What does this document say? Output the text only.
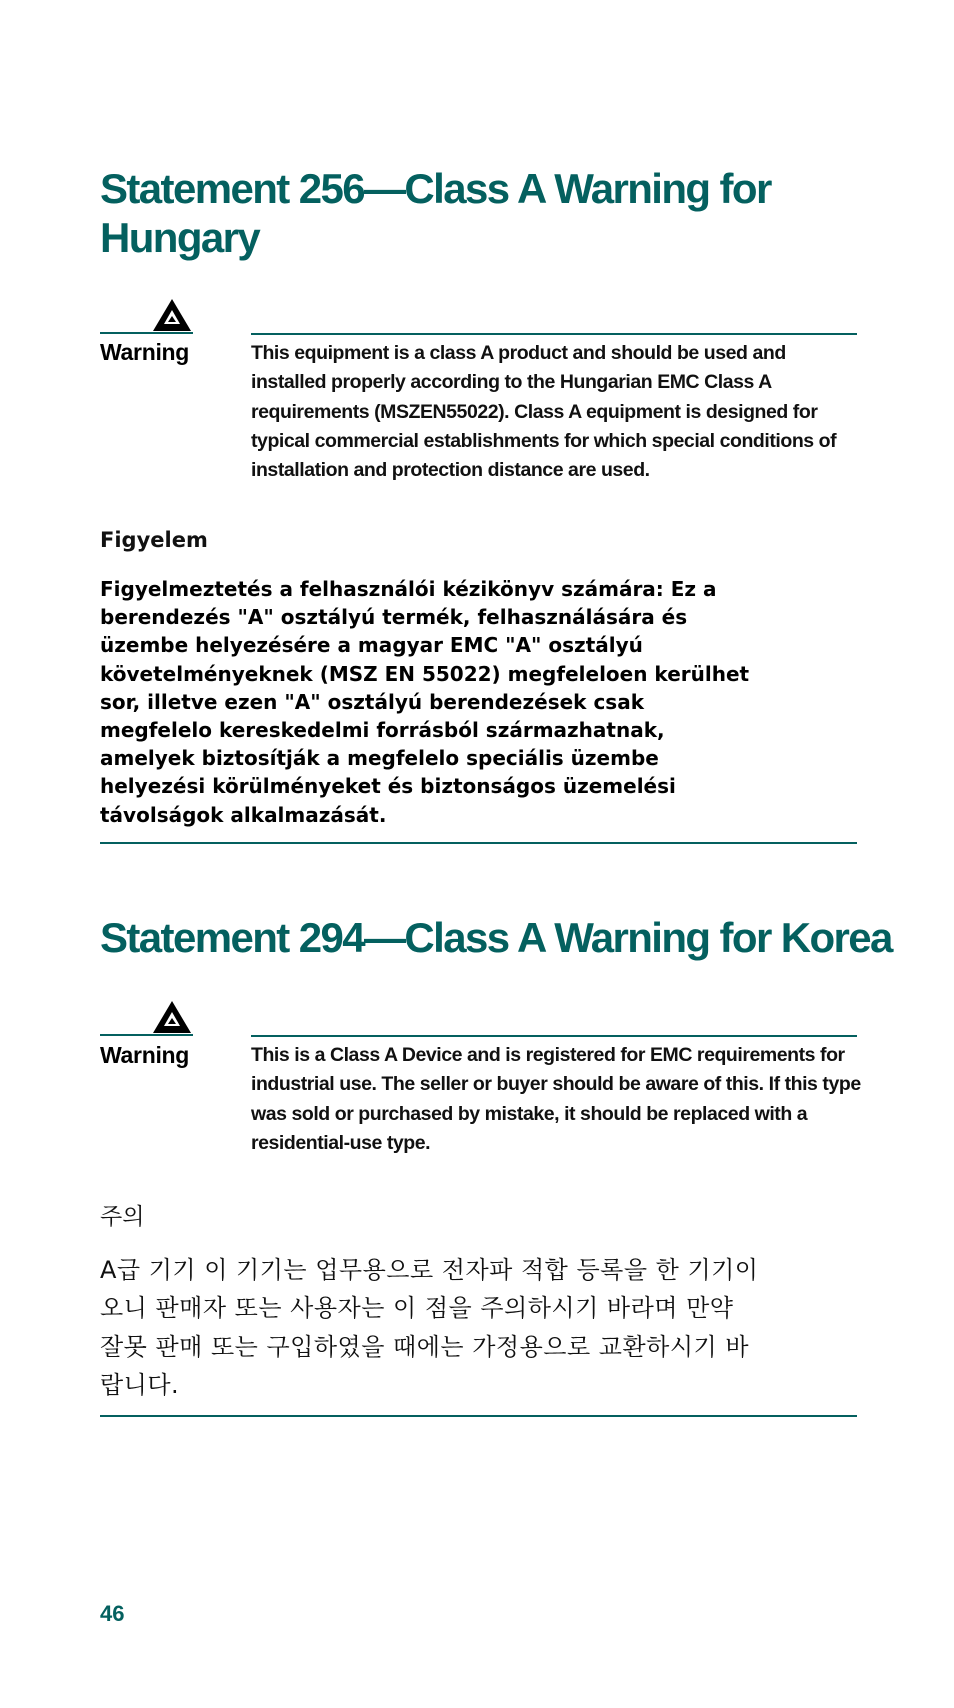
Statement 256—Class A Warning for Hungary
Warning	This equipment is a class A product and should be used and installed properly according to the Hungarian EMC Class A requirements (MSZEN55022). Class A equipment is designed for typical commercial establishments for which special conditions of installation and protection distance are used.

Figyelem

Figyelmeztetés a felhasználói kézikönyv számára: Ez a berendezés "A" osztályú termék, felhasználására és üzembe helyezésére a magyar EMC "A" osztályú követelményeknek (MSZ EN 55022) megfeleloen kerülhet sor, illetve ezen "A" osztályú berendezések csak megfelelo kereskedelmi forrásból származhatnak, amelyek biztosítják a megfelelo speciális üzembe helyezési körülményeket és biztonságos üzemelési távolságok alkalmazását.

Statement 294—Class A Warning for Korea
Warning	This is a Class A Device and is registered for EMC requirements for industrial use. The seller or buyer should be aware of this. If this type was sold or purchased by mistake, it should be replaced with a residential-use type.

주의

A급 기기 이 기기는 업무용으로 전자파 적합 등록을 한 기기이 오니 판매자 또는 사용자는 이 점을 주의하시기 바라며 만약 잘못 판매 또는 구입하였을 때에는 가정용으로 교환하시기 바랍니다.

46
